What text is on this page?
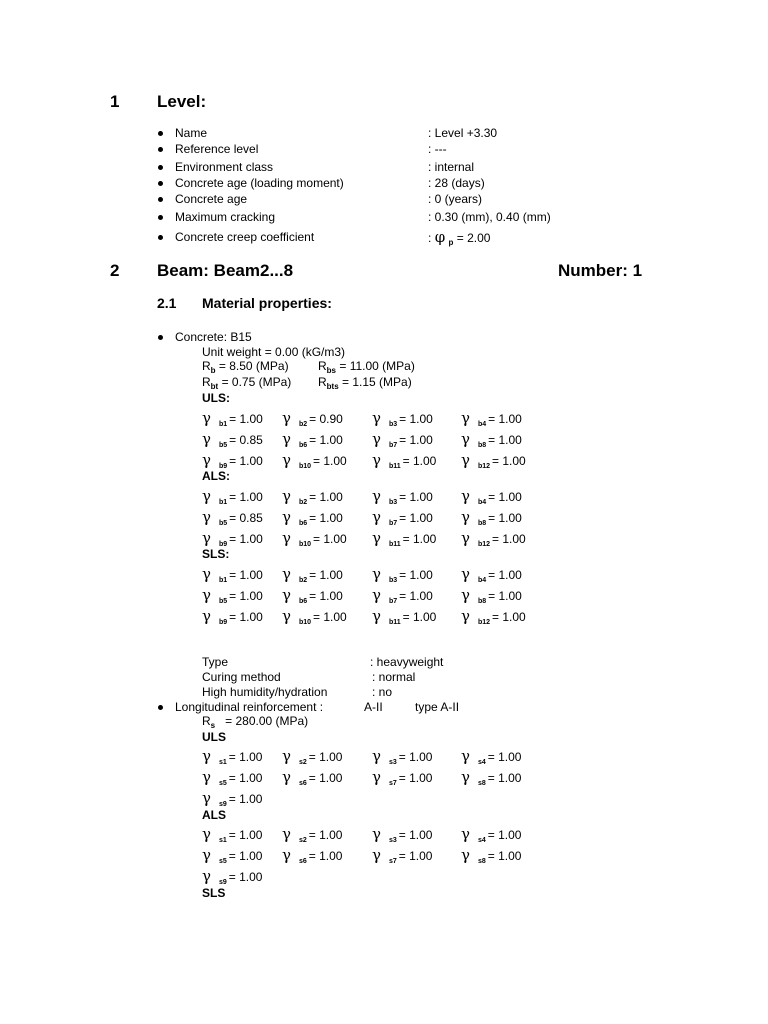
1 Level:
Name	: Level +3.30
Reference level	: ---
Environment class	: internal
Concrete age (loading moment)	: 28 (days)
Concrete age	: 0 (years)
Maximum cracking	: 0.30 (mm), 0.40 (mm)
Concrete creep coefficient	: φ $_p$ = 2.00
2 Beam: Beam2...8	Number: 1
2.1 Material properties:
Concrete: B15
Unit weight = 0.00 (kG/m3)
$R_b = 8.50$ (MPa) $R_{bs} = 11.00$ (MPa)
$R_{bt} = 0.75$ (MPa) $R_{bts} = 1.15$ (MPa)
ULS:
γ $_{b1}$ = 1.00 γ $_{b2}$ = 0.90 γ $_{b3}$ = 1.00 γ $_{b4}$ = 1.00
γ $_{b5}$ = 0.85 γ $_{b6}$ = 1.00 γ $_{b7}$ = 1.00 γ $_{b8}$ = 1.00
γ $_{b9}$ = 1.00 γ $_{b10}$ = 1.00 γ $_{b11}$ = 1.00 γ $_{b12}$ = 1.00
ALS:
γ $_{b1}$ = 1.00 γ $_{b2}$ = 1.00 γ $_{b3}$ = 1.00 γ $_{b4}$ = 1.00
γ $_{b5}$ = 0.85 γ $_{b6}$ = 1.00 γ $_{b7}$ = 1.00 γ $_{b8}$ = 1.00
γ $_{b9}$ = 1.00 γ $_{b10}$ = 1.00 γ $_{b11}$ = 1.00 γ $_{b12}$ = 1.00
SLS:
γ $_{b1}$ = 1.00 γ $_{b2}$ = 1.00 γ $_{b3}$ = 1.00 γ $_{b4}$ = 1.00
γ $_{b5}$ = 1.00 γ $_{b6}$ = 1.00 γ $_{b7}$ = 1.00 γ $_{b8}$ = 1.00
γ $_{b9}$ = 1.00 γ $_{b10}$ = 1.00 γ $_{b11}$ = 1.00 γ $_{b12}$ = 1.00
Type	: heavyweight
Curing method	: normal
High humidity/hydration	: no
Longitudinal reinforcement :	A-II	type A-II
$R_s = 280.00$ (MPa)
ULS
γ $_{s1}$ = 1.00 γ $_{s2}$ = 1.00 γ $_{s3}$ = 1.00 γ $_{s4}$ = 1.00
γ $_{s5}$ = 1.00 γ $_{s6}$ = 1.00 γ $_{s7}$ = 1.00 γ $_{s8}$ = 1.00
γ $_{s9}$ = 1.00
ALS
γ $_{s1}$ = 1.00 γ $_{s2}$ = 1.00 γ $_{s3}$ = 1.00 γ $_{s4}$ = 1.00
γ $_{s5}$ = 1.00 γ $_{s6}$ = 1.00 γ $_{s7}$ = 1.00 γ $_{s8}$ = 1.00
γ $_{s9}$ = 1.00
SLS
